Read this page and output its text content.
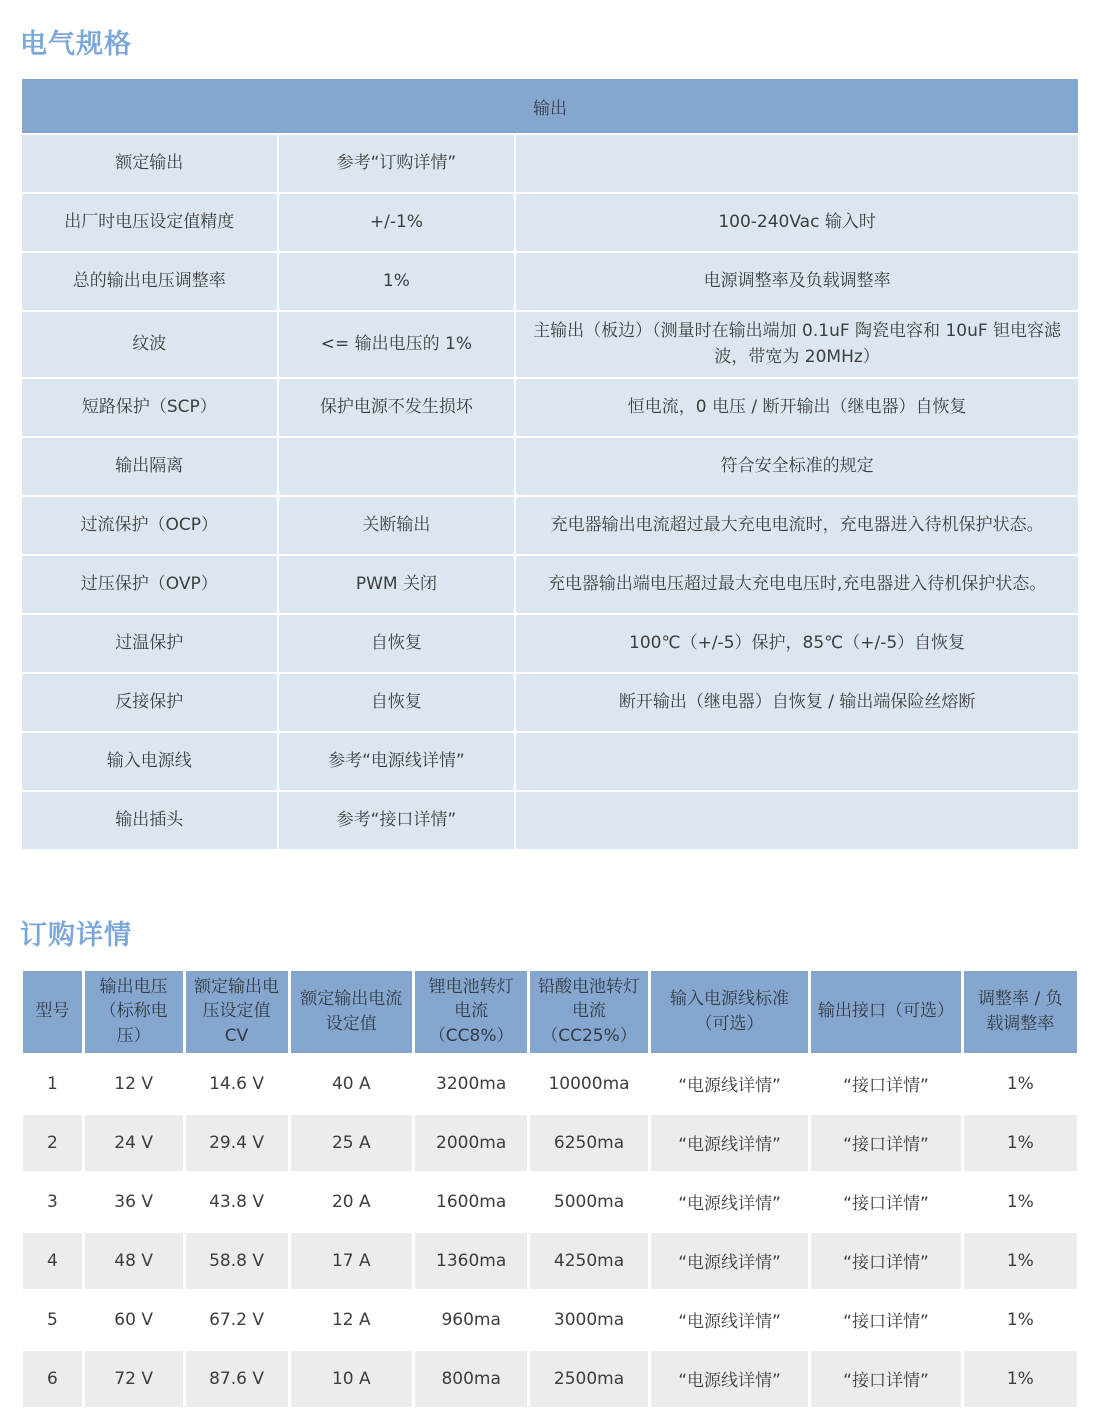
电气规格
输出		
额定输出	参考“订购详情”	
出厂时电压设定值精度	+/-1%	100-240Vac 输入时
总的输出电压调整率	1%	电源调整率及负载调整率
纹波	<= 输出电压的 1%	主输出（板边）（测量时在输出端加 0.1uF 陶瓷电容和 10uF 钽电容滤波，带宽为 20MHz）
短路保护（SCP）	保护电源不发生损坏	恒电流，0 电压 / 断开输出（继电器）自恢复
输出隔离		符合安全标准的规定
过流保护（OCP）	关断输出	充电器输出电流超过最大充电电流时，充电器进入待机保护状态。
过压保护（OVP）	PWM 关闭	充电器输出端电压超过最大充电电压时,充电器进入待机保护状态。
过温保护	自恢复	100℃（+/-5）保护，85℃（+/-5）自恢复
反接保护	自恢复	断开输出（继电器）自恢复 / 输出端保险丝熔断
输入电源线	参考“电源线详情”	
输出插头	参考“接口详情”	
订购详情
型号	输出电压（标称电压）	额定输出电压设定值 CV	额定输出电流设定值	锂电池转灯电流（CC8%）	铅酸电池转灯电流（CC25%）	输入电源线标准（可选）	输出接口（可选）	调整率 / 负载调整率
1	12 V	14.6 V	40 A	3200ma	10000ma	“电源线详情”	“接口详情”	1%
2	24 V	29.4 V	25 A	2000ma	6250ma	“电源线详情”	“接口详情”	1%
3	36 V	43.8 V	20 A	1600ma	5000ma	“电源线详情”	“接口详情”	1%
4	48 V	58.8 V	17 A	1360ma	4250ma	“电源线详情”	“接口详情”	1%
5	60 V	67.2 V	12 A	960ma	3000ma	“电源线详情”	“接口详情”	1%
6	72 V	87.6 V	10 A	800ma	2500ma	“电源线详情”	“接口详情”	1%
